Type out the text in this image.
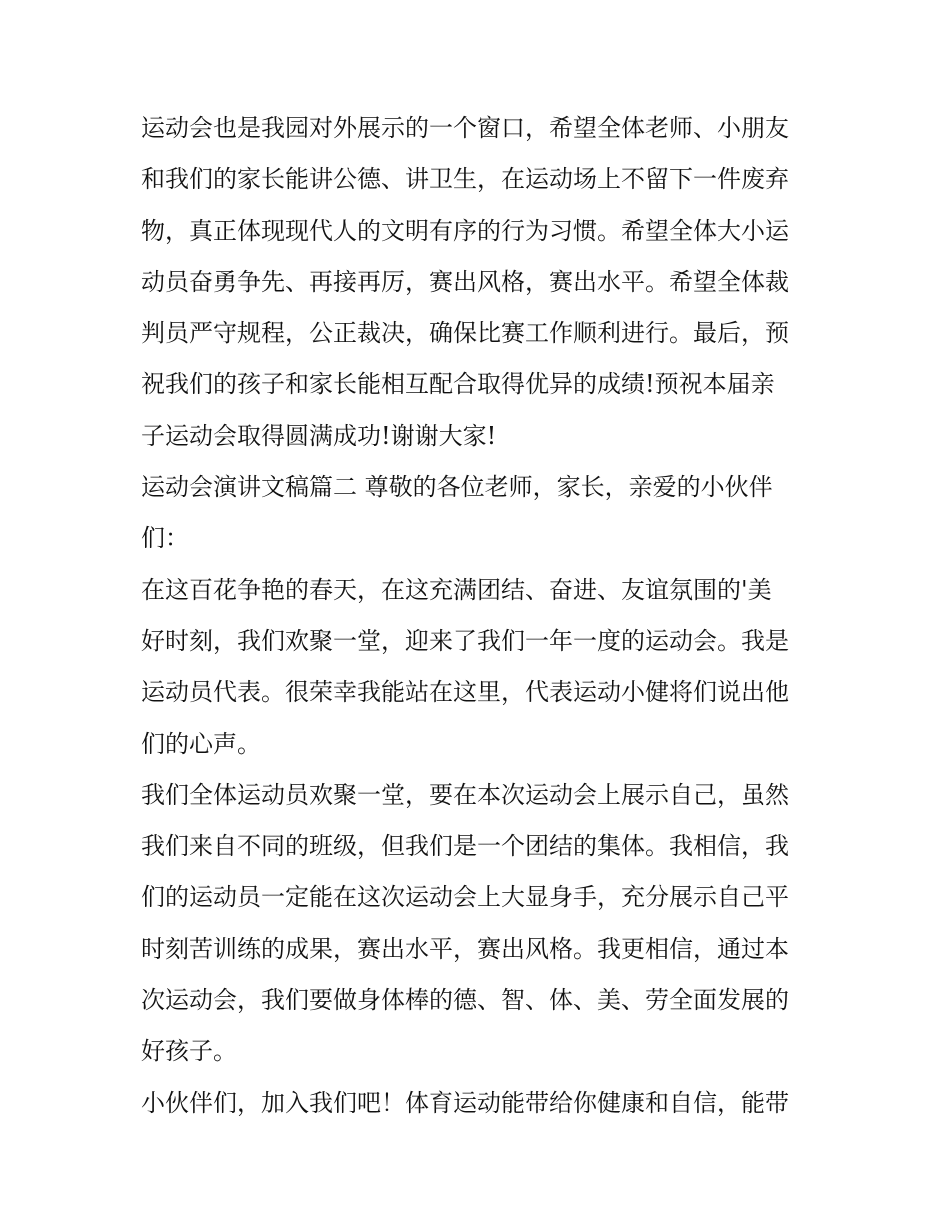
运动会也是我园对外展示的一个窗口，希望全体老师、小朋友
和我们的家长能讲公德、讲卫生，在运动场上不留下一件废弃
物，真正体现现代人的文明有序的行为习惯。希望全体大小运
动员奋勇争先、再接再厉，赛出风格，赛出水平。希望全体裁
判员严守规程，公正裁决，确保比赛工作顺利进行。最后，预
祝我们的孩子和家长能相互配合取得优异的成绩!预祝本届亲
子运动会取得圆满成功!谢谢大家!
运动会演讲文稿篇二 尊敬的各位老师，家长，亲爱的小伙伴
们：
在这百花争艳的春天，在这充满团结、奋进、友谊氛围的'美
好时刻，我们欢聚一堂，迎来了我们一年一度的运动会。我是
运动员代表。很荣幸我能站在这里，代表运动小健将们说出他
们的心声。
我们全体运动员欢聚一堂，要在本次运动会上展示自己，虽然
我们来自不同的班级，但我们是一个团结的集体。我相信，我
们的运动员一定能在这次运动会上大显身手，充分展示自己平
时刻苦训练的成果，赛出水平，赛出风格。我更相信，通过本
次运动会，我们要做身体棒的德、智、体、美、劳全面发展的
好孩子。
小伙伴们，加入我们吧！体育运动能带给你健康和自信，能带
